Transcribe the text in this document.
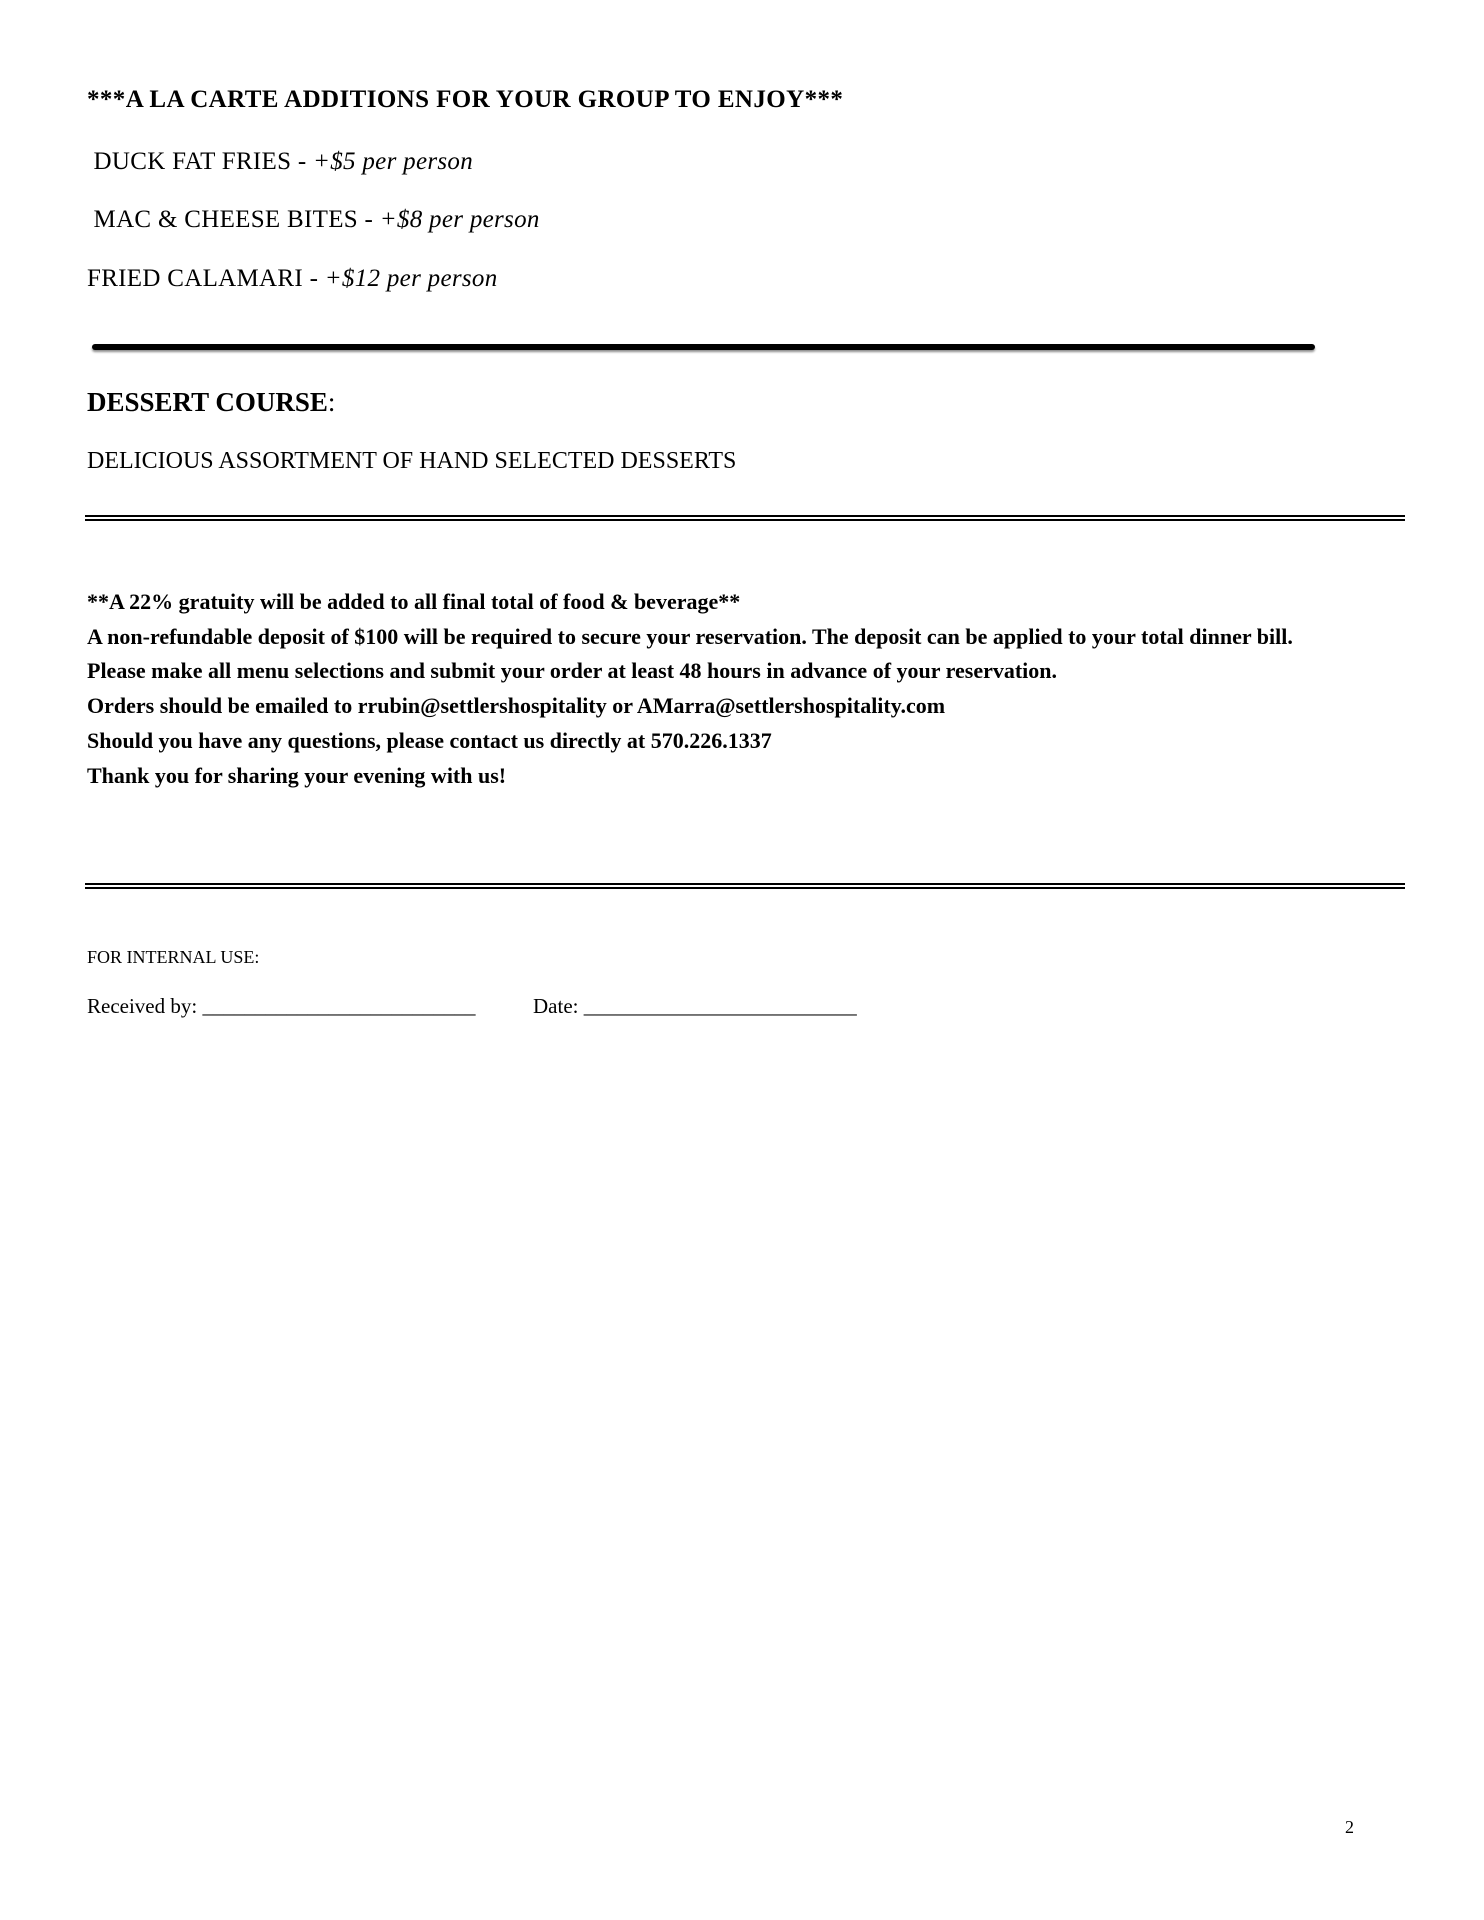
***A LA CARTE ADDITIONS FOR YOUR GROUP TO ENJOY***
DUCK FAT FRIES - +$5 per person
MAC & CHEESE BITES - +$8 per person
FRIED CALAMARI - +$12 per person
DESSERT COURSE:
DELICIOUS ASSORTMENT OF HAND SELECTED DESSERTS

**A 22% gratuity will be added to all final total of food & beverage**

A non-refundable deposit of $100 will be required to secure your reservation. The deposit can be applied to your total dinner bill.

Please make all menu selections and submit your order at least 48 hours in advance of your reservation.

Orders should be emailed to rrubin@settlershospitality or AMarra@settlershospitality.com

Should you have any questions, please contact us directly at 570.226.1337

Thank you for sharing your evening with us!

FOR INTERNAL USE:
Received by: __________________________	Date: __________________________
2
